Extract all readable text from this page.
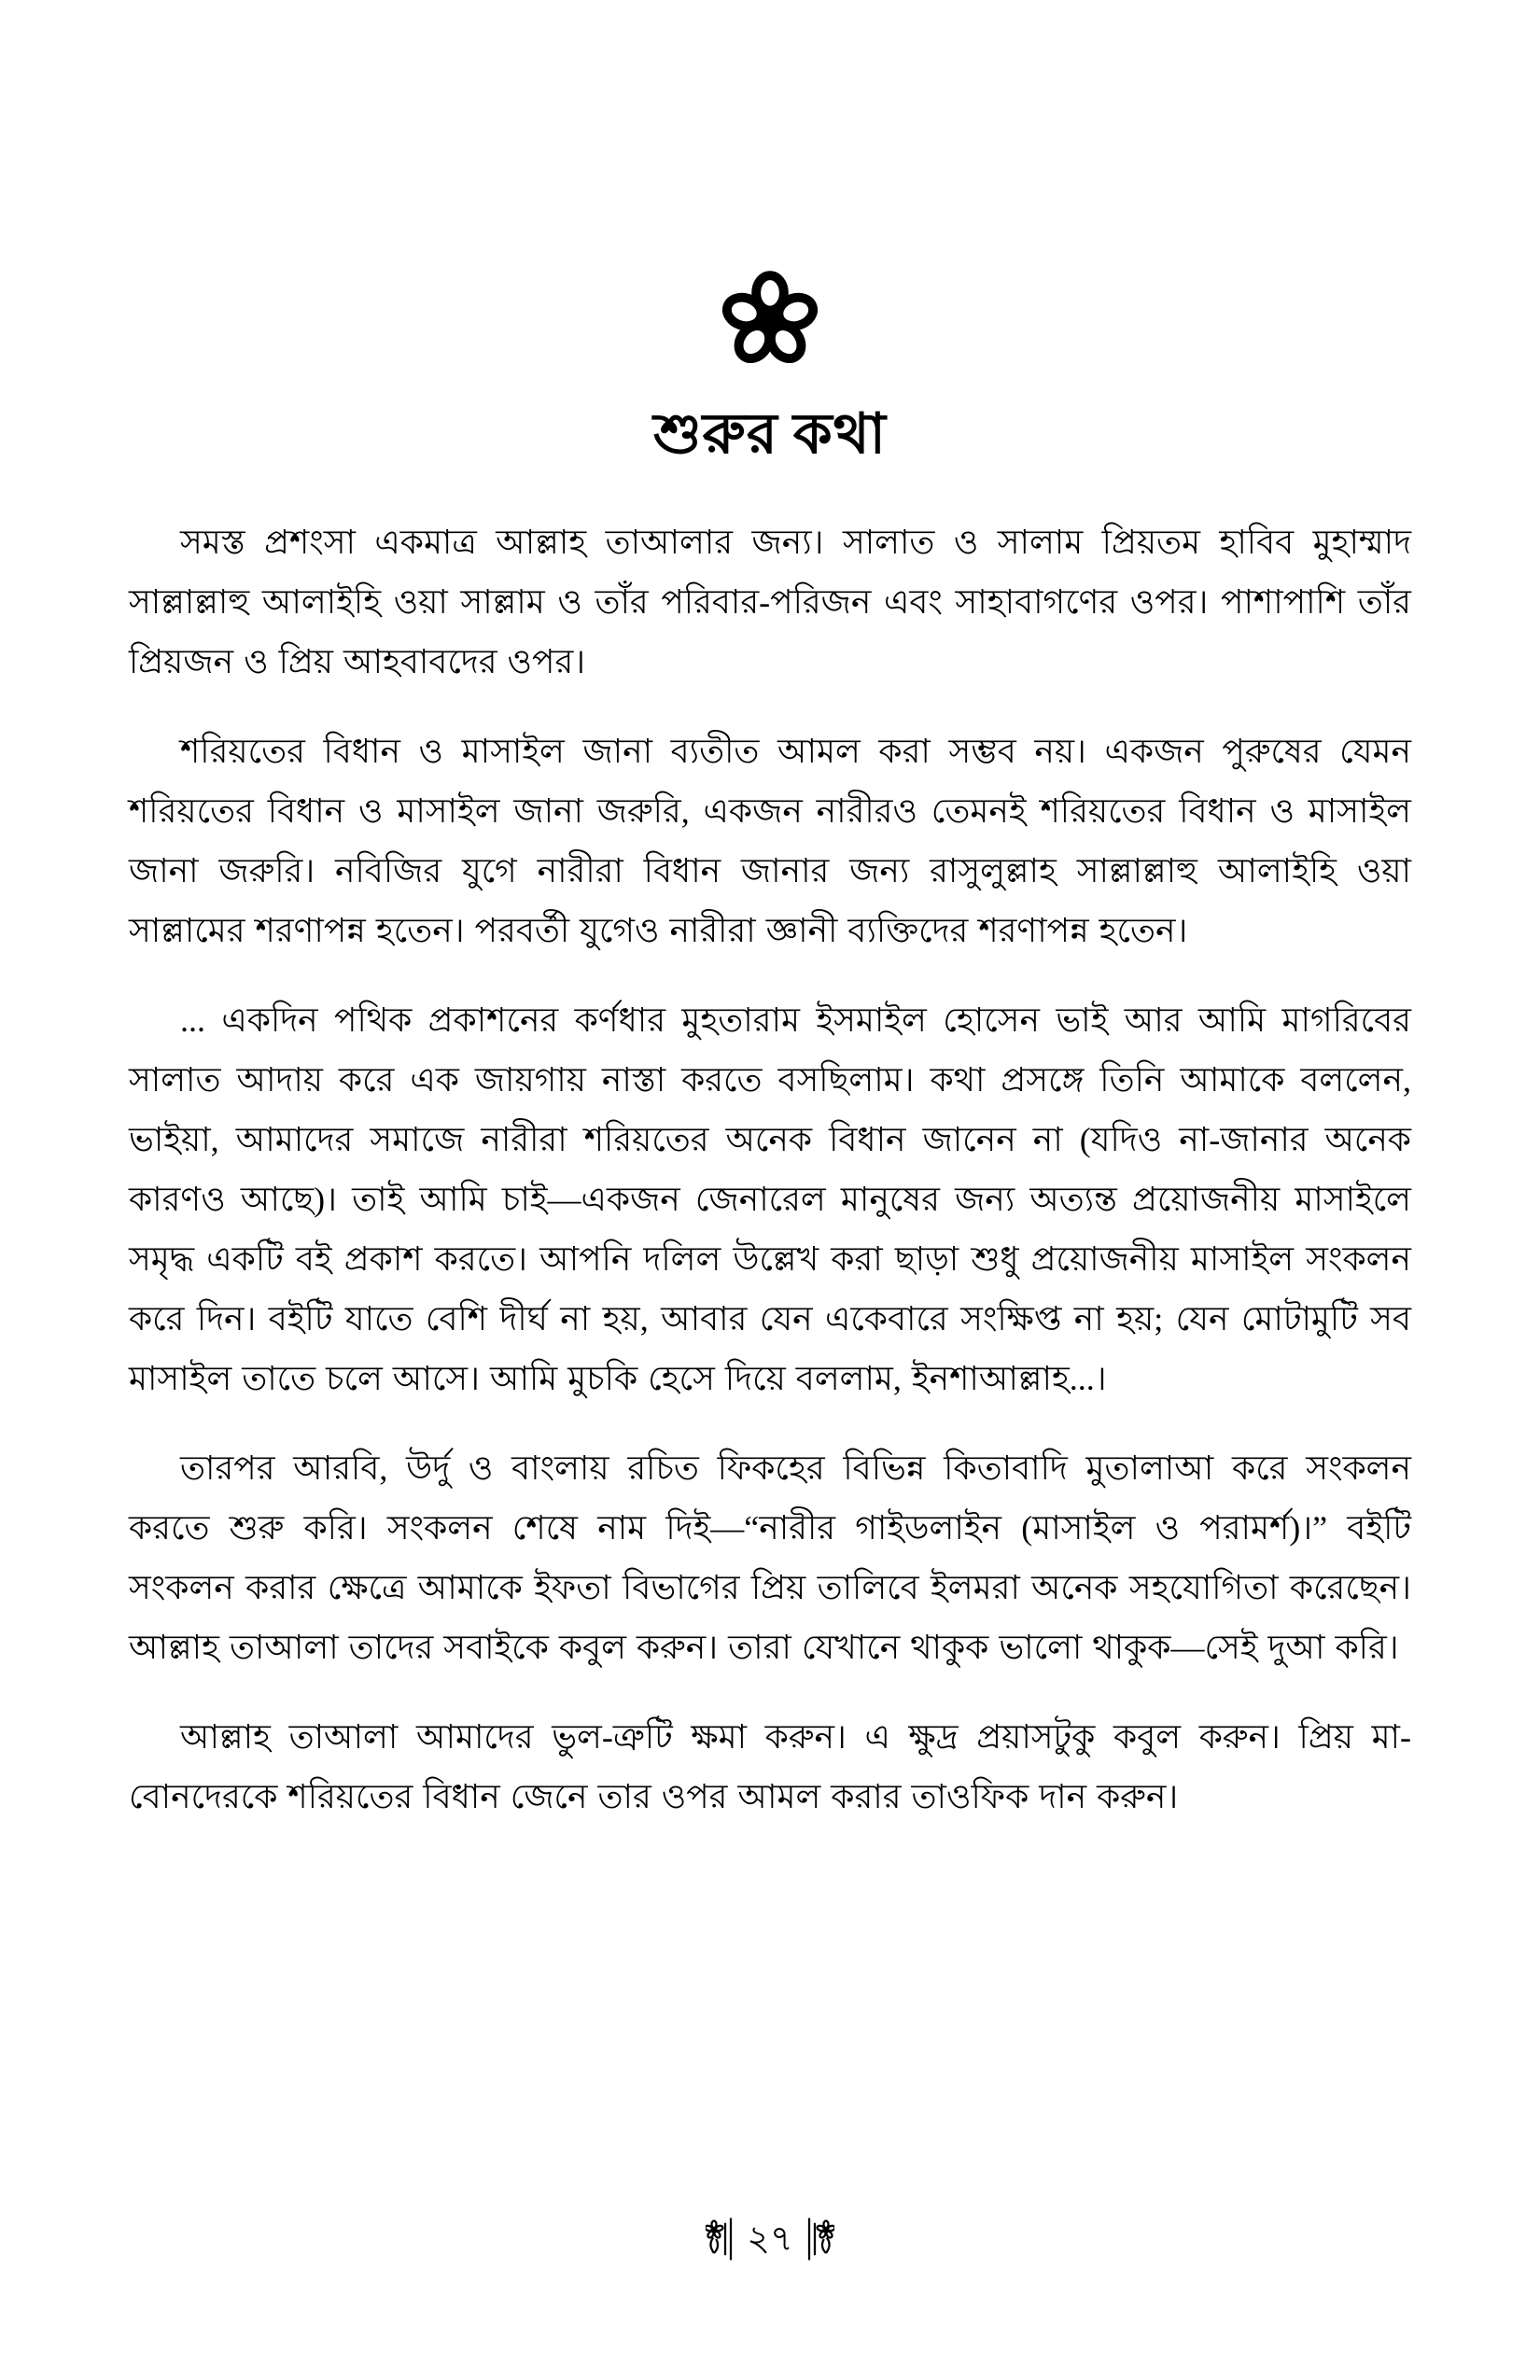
শুরুর কথা

সমস্ত প্রশংসা একমাত্র আল্লাহ তাআলার জন্য। সালাত ও সালাম প্রিয়তম হাবিব মুহাম্মাদ সাল্লাল্লাহু আলাইহি ওয়া সাল্লাম ও তাঁর পরিবার-পরিজন এবং সাহাবাগণের ওপর। পাশাপাশি তাঁর প্রিয়জন ও প্রিয় আহবাবদের ওপর।

শরিয়তের বিধান ও মাসাইল জানা ব্যতীত আমল করা সম্ভব নয়। একজন পুরুষের যেমন শরিয়তের বিধান ও মাসাইল জানা জরুরি, একজন নারীরও তেমনই শরিয়তের বিধান ও মাসাইল জানা জরুরি। নবিজির যুগে নারীরা বিধান জানার জন্য রাসুলুল্লাহ সাল্লাল্লাহু আলাইহি ওয়া সাল্লামের শরণাপন্ন হতেন। পরবর্তী যুগেও নারীরা জ্ঞানী ব্যক্তিদের শরণাপন্ন হতেন।

... একদিন পথিক প্রকাশনের কর্ণধার মুহতারাম ইসমাইল হোসেন ভাই আর আমি মাগরিবের সালাত আদায় করে এক জায়গায় নাস্তা করতে বসছিলাম। কথা প্রসঙ্গে তিনি আমাকে বললেন, ভাইয়া, আমাদের সমাজে নারীরা শরিয়তের অনেক বিধান জানেন না (যদিও না-জানার অনেক কারণও আছে)। তাই আমি চাই—একজন জেনারেল মানুষের জন্য অত্যন্ত প্রয়োজনীয় মাসাইলে সমৃদ্ধ একটি বই প্রকাশ করতে। আপনি দলিল উল্লেখ করা ছাড়া শুধু প্রয়োজনীয় মাসাইল সংকলন করে দিন। বইটি যাতে বেশি দীর্ঘ না হয়, আবার যেন একেবারে সংক্ষিপ্ত না হয়; যেন মোটামুটি সব মাসাইল তাতে চলে আসে। আমি মুচকি হেসে দিয়ে বললাম, ইনশাআল্লাহ...।

তারপর আরবি, উর্দু ও বাংলায় রচিত ফিকহের বিভিন্ন কিতাবাদি মুতালাআ করে সংকলন করতে শুরু করি। সংকলন শেষে নাম দিই—“নারীর গাইডলাইন (মাসাইল ও পরামর্শ)।” বইটি সংকলন করার ক্ষেত্রে আমাকে ইফতা বিভাগের প্রিয় তালিবে ইলমরা অনেক সহযোগিতা করেছেন। আল্লাহ তাআলা তাদের সবাইকে কবুল করুন। তারা যেখানে থাকুক ভালো থাকুক—সেই দুআ করি।

আল্লাহ তাআলা আমাদের ভুল-ত্রুটি ক্ষমা করুন। এ ক্ষুদ্র প্রয়াসটুকু কবুল করুন। প্রিয় মা-বোনদেরকে শরিয়তের বিধান জেনে তার ওপর আমল করার তাওফিক দান করুন।

২৭
